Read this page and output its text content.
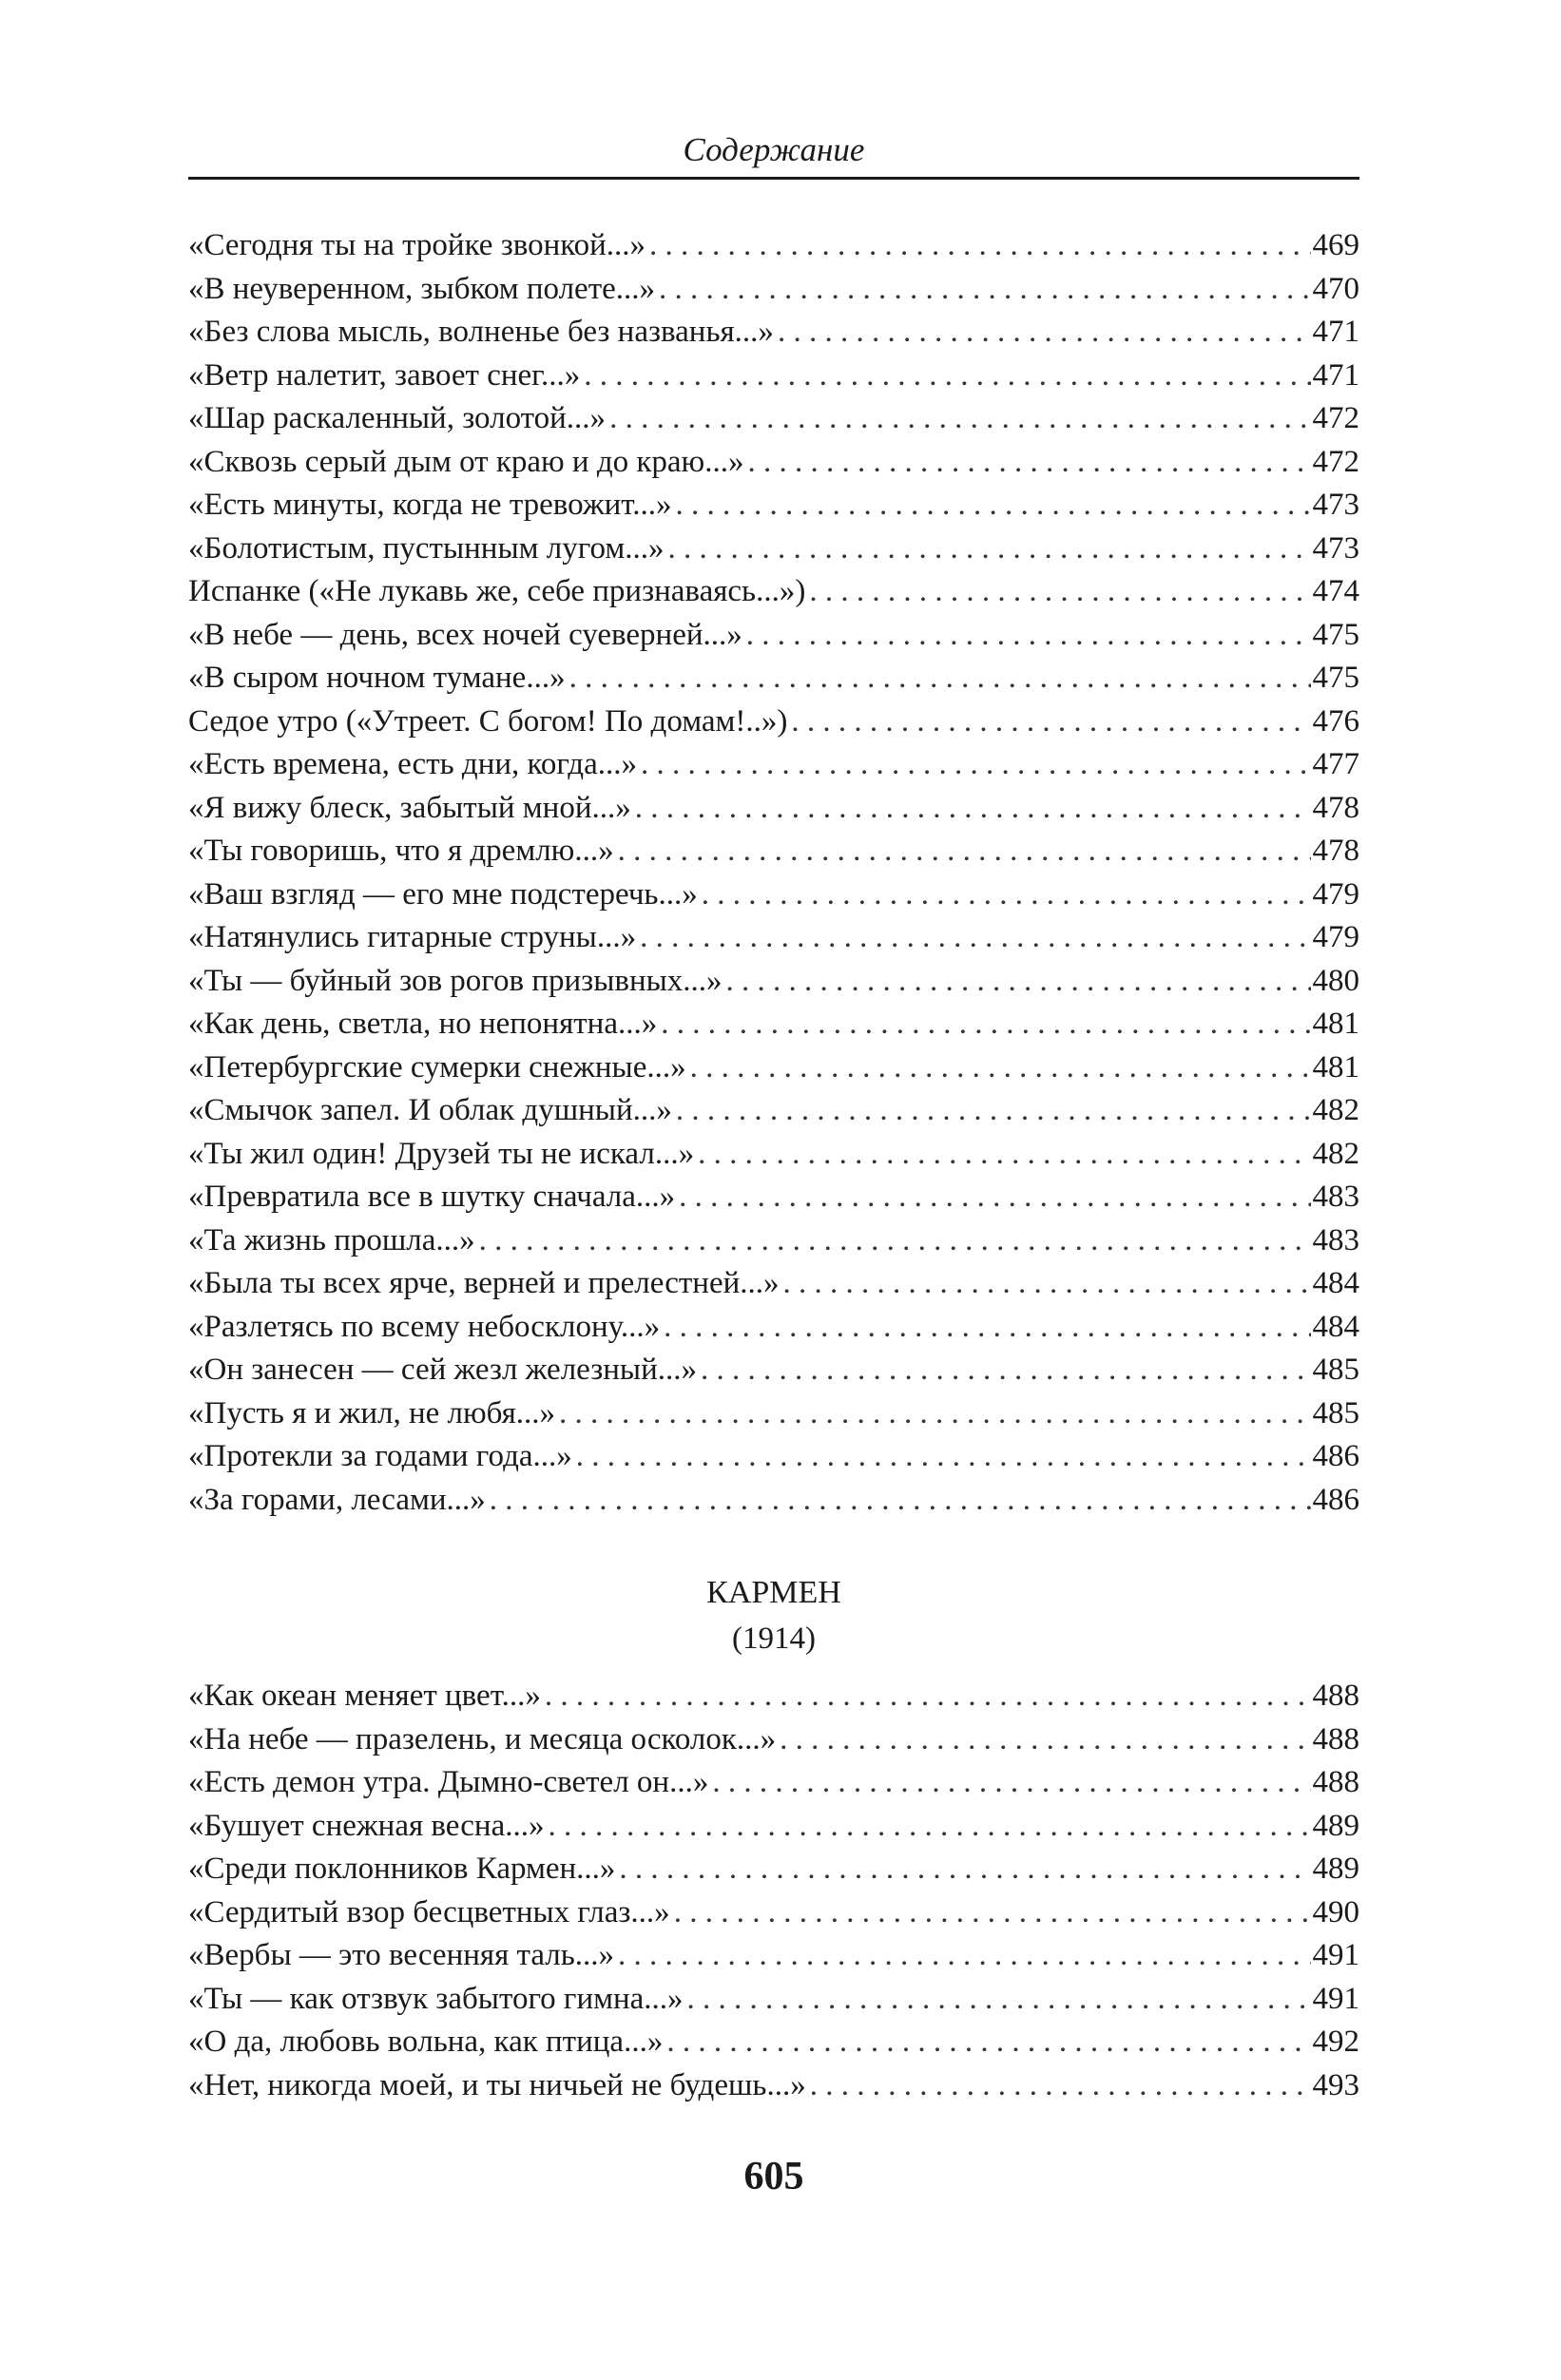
Содержание
«Сегодня ты на тройке звонкой...» . . .	469
«В неуверенном, зыбком полете...» . . .	470
«Без слова мысль, волненье без названья...» . . .	471
«Ветр налетит, завоет снег...» . . .	471
«Шар раскаленный, золотой...» . . .	472
«Сквозь серый дым от краю и до краю...» . . .	472
«Есть минуты, когда не тревожит...» . . .	473
«Болотистым, пустынным лугом...» . . .	473
Испанке («Не лукавь же, себе признаваясь...») . . .	474
«В небе — день, всех ночей суеверней...» . . .	475
«В сыром ночном тумане...» . . .	475
Седое утро («Утреет. С богом! По домам!..») . . .	476
«Есть времена, есть дни, когда...» . . .	477
«Я вижу блеск, забытый мной...» . . .	478
«Ты говоришь, что я дремлю...» . . .	478
«Ваш взгляд — его мне подстеречь...» . . .	479
«Натянулись гитарные струны...» . . .	479
«Ты — буйный зов рогов призывных...» . . .	480
«Как день, светла, но непонятна...» . . .	481
«Петербургские сумерки снежные...» . . .	481
«Смычок запел. И облак душный...» . . .	482
«Ты жил один! Друзей ты не искал...» . . .	482
«Превратила все в шутку сначала...» . . .	483
«Та жизнь прошла...» . . .	483
«Была ты всех ярче, верней и прелестней...» . . .	484
«Разлетясь по всему небосклону...» . . .	484
«Он занесен — сей жезл железный...» . . .	485
«Пусть я и жил, не любя...» . . .	485
«Протекли за годами года...» . . .	486
«За горами, лесами...» . . .	486
КАРМЕН
(1914)
«Как океан меняет цвет...» . . .	488
«На небе — празелень, и месяца осколок...» . . .	488
«Есть демон утра. Дымно-светел он...» . . .	488
«Бушует снежная весна...» . . .	489
«Среди поклонников Кармен...» . . .	489
«Сердитый взор бесцветных глаз...» . . .	490
«Вербы — это весенняя таль...» . . .	491
«Ты — как отзвук забытого гимна...» . . .	491
«О да, любовь вольна, как птица...» . . .	492
«Нет, никогда моей, и ты ничьей не будешь...» . . .	493
605
